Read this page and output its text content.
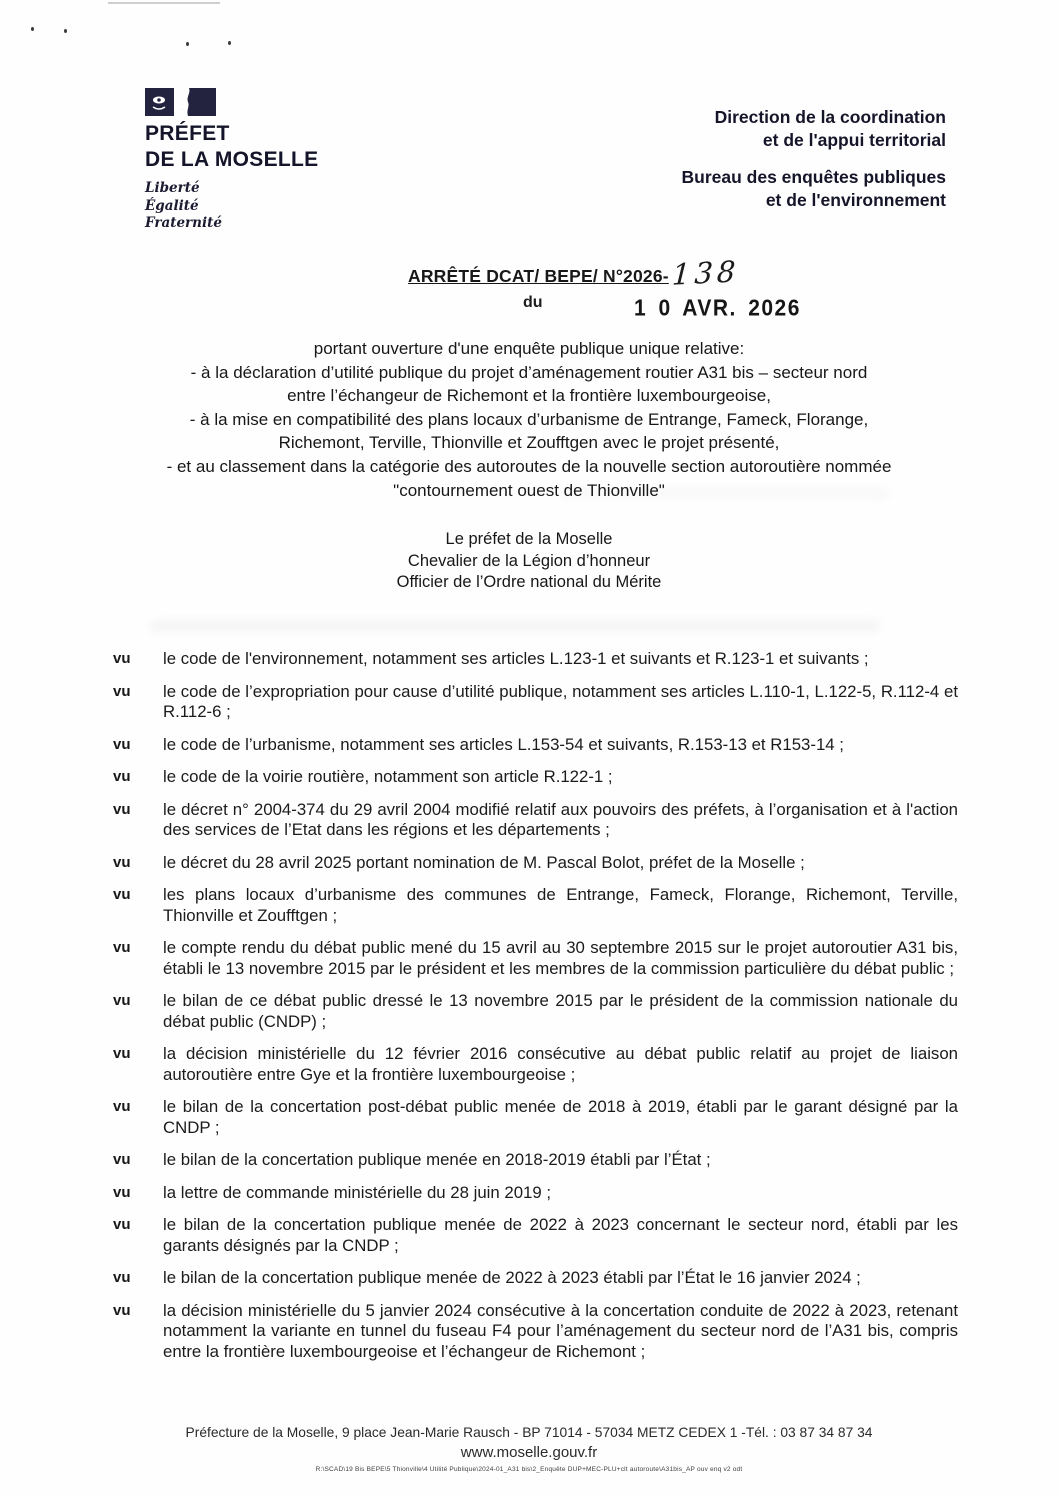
PRÉFET
DE LA MOSELLE
Liberté
Égalité
Fraternité
Direction de la coordination
et de l'appui territorial
Bureau des enquêtes publiques
et de l'environnement
ARRÊTÉ DCAT/ BEPE/ N°2026- 138
du	1 0 AVR. 2026
portant ouverture d'une enquête publique unique relative:
- à la déclaration d’utilité publique du projet d’aménagement routier A31 bis – secteur nord
entre l’échangeur de Richemont et la frontière luxembourgeoise,
- à la mise en compatibilité des plans locaux d’urbanisme de Entrange, Fameck, Florange,
Richemont, Terville, Thionville et Zoufftgen avec le projet présenté,
- et au classement dans la catégorie des autoroutes de la nouvelle section autoroutière nommée
"contournement ouest de Thionville"
Le préfet de la Moselle
Chevalier de la Légion d’honneur
Officier de l’Ordre national du Mérite
vu	le code de l'environnement, notamment ses articles L.123-1 et suivants et R.123-1 et suivants ;
vu	le code de l’expropriation pour cause d’utilité publique, notamment ses articles L.110-1, L.122-5, R.112-4 et R.112-6 ;
vu	le code de l’urbanisme, notamment ses articles L.153-54 et suivants, R.153-13 et R153-14 ;
vu	le code de la voirie routière, notamment son article R.122-1 ;
vu	le décret n° 2004-374 du 29 avril 2004 modifié relatif aux pouvoirs des préfets, à l’organisation et à l'action des services de l’Etat dans les régions et les départements ;
vu	le décret du 28 avril 2025 portant nomination de M. Pascal Bolot, préfet de la Moselle ;
vu	les plans locaux d’urbanisme des communes de Entrange, Fameck, Florange, Richemont, Terville, Thionville et Zoufftgen ;
vu	le compte rendu du débat public mené du 15 avril au 30 septembre 2015 sur le projet autoroutier A31 bis, établi le 13 novembre 2015 par le président et les membres de la commission particulière du débat public ;
vu	le bilan de ce débat public dressé le 13 novembre 2015 par le président de la commission nationale du débat public (CNDP) ;
vu	la décision ministérielle du 12 février 2016 consécutive au débat public relatif au projet de liaison autoroutière entre Gye et la frontière luxembourgeoise ;
vu	le bilan de la concertation post-débat public menée de 2018 à 2019, établi par le garant désigné par la CNDP ;
vu	le bilan de la concertation publique menée en 2018-2019 établi par l’État ;
vu	la lettre de commande ministérielle du 28 juin 2019 ;
vu	le bilan de la concertation publique menée de 2022 à 2023 concernant le secteur nord, établi par les garants désignés par la CNDP ;
vu	le bilan de la concertation publique menée de 2022 à 2023 établi par l’État le 16 janvier 2024 ;
vu	la décision ministérielle du 5 janvier 2024 consécutive à la concertation conduite de 2022 à 2023, retenant notamment la variante en tunnel du fuseau F4 pour l’aménagement du secteur nord de l’A31 bis, compris entre la frontière luxembourgeoise et l’échangeur de Richemont ;
Préfecture de la Moselle, 9 place Jean-Marie Rausch - BP 71014 - 57034 METZ CEDEX 1 -Tél. : 03 87 34 87 34
www.moselle.gouv.fr
R:\SCAD\19 Bis BEPE\5 Thionville\4 Utilité Publique\2024-01_A31 bis\2_Enquête DUP+MEC-PLU+clt autoroute\A31bis_AP ouv enq v2 odt
